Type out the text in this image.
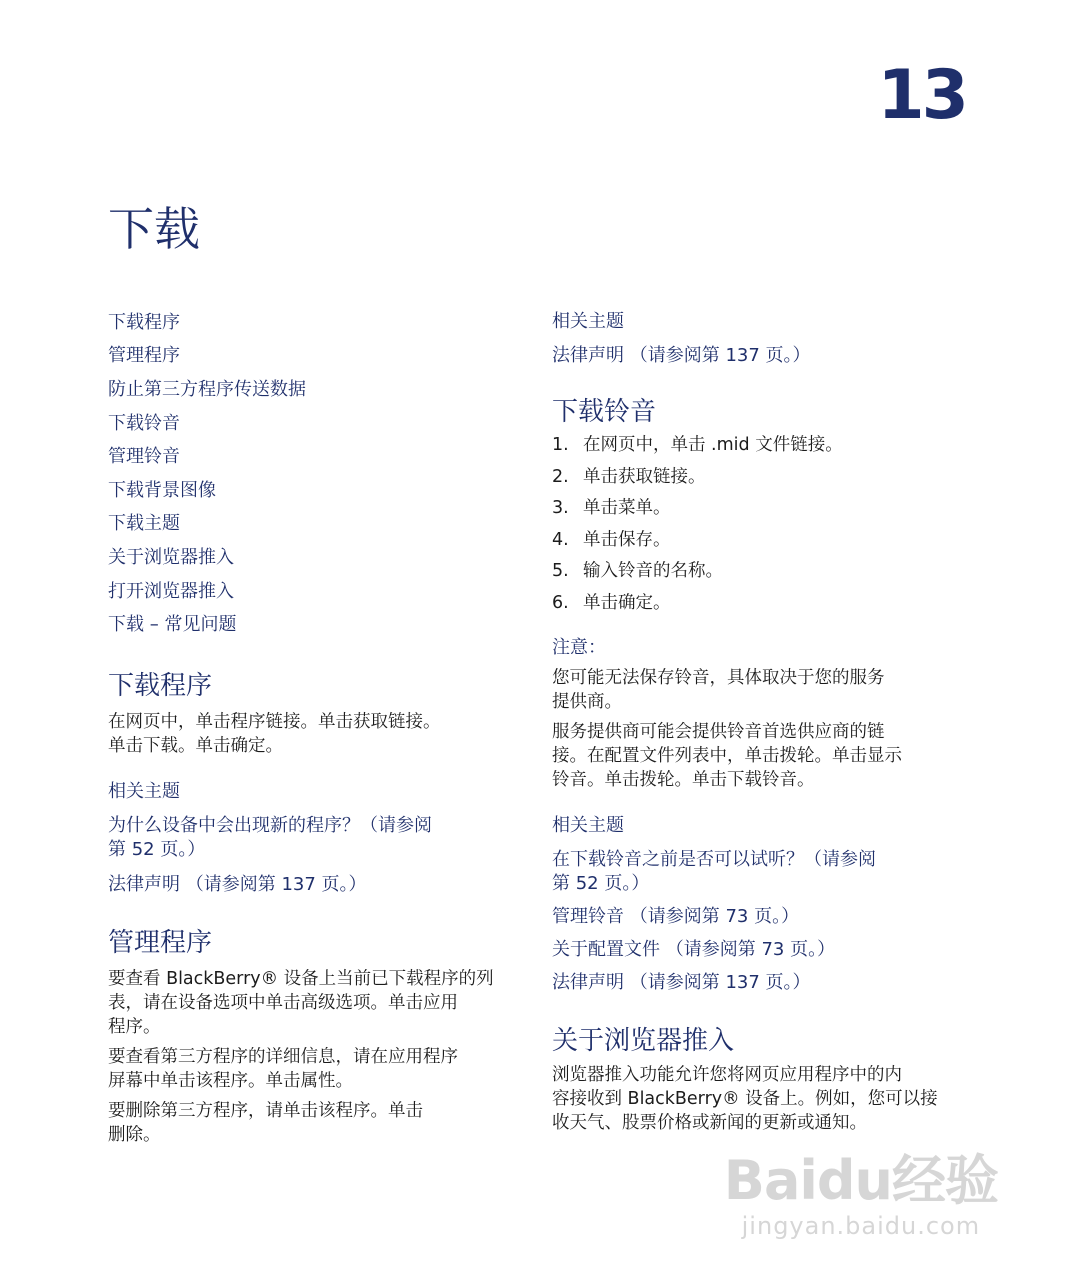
13
下载
下载程序
管理程序
防止第三方程序传送数据
下载铃音
管理铃音
下载背景图像
下载主题
关于浏览器推入
打开浏览器推入
下载 – 常见问题
下载程序

在网页中，单击程序链接。单击获取链接。
单击下载。单击确定。

相关主题
为什么设备中会出现新的程序？（请参阅
第 52 页。）
法律声明 （请参阅第 137 页。）
管理程序

要查看 BlackBerry® 设备上当前已下载程序的列
表，请在设备选项中单击高级选项。单击应用
程序。

要查看第三方程序的详细信息，请在应用程序
屏幕中单击该程序。单击属性。

要删除第三方程序，请单击该程序。单击
删除。

相关主题
法律声明 （请参阅第 137 页。）
下载铃音
1. 在网页中，单击 .mid 文件链接。
2. 单击获取链接。
3. 单击菜单。
4. 单击保存。
5. 输入铃音的名称。
6. 单击确定。
注意：

您可能无法保存铃音，具体取决于您的服务
提供商。

服务提供商可能会提供铃音首选供应商的链
接。在配置文件列表中，单击拨轮。单击显示
铃音。单击拨轮。单击下载铃音。

相关主题
在下载铃音之前是否可以试听？（请参阅
第 52 页。）
管理铃音 （请参阅第 73 页。）
关于配置文件 （请参阅第 73 页。）
法律声明 （请参阅第 137 页。）
关于浏览器推入

浏览器推入功能允许您将网页应用程序中的内
容接收到 BlackBerry® 设备上。例如，您可以接
收天气、股票价格或新闻的更新或通知。

Baidu经验
jingyan.baidu.com
